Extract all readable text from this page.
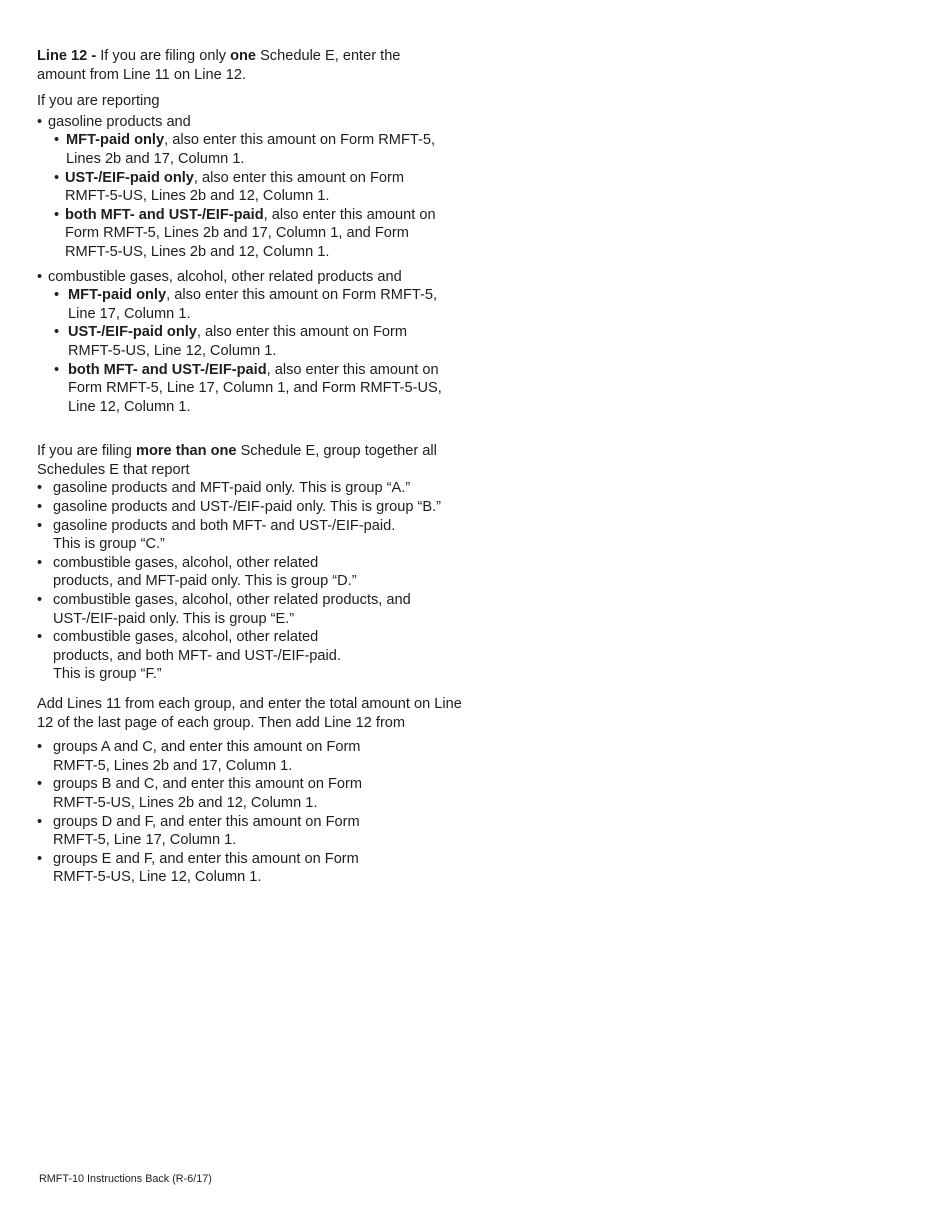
Line 12 - If you are filing only one Schedule E, enter the amount from Line 11 on Line 12.

If you are reporting

• gasoline products and
• MFT-paid only, also enter this amount on Form RMFT-5, Lines 2b and 17, Column 1.
• UST-/EIF-paid only, also enter this amount on Form RMFT-5-US, Lines 2b and 12, Column 1.
• both MFT- and UST-/EIF-paid, also enter this amount on Form RMFT-5, Lines 2b and 17, Column 1, and Form RMFT-5-US, Lines 2b and 12, Column 1.
• combustible gases, alcohol, other related products and
• MFT-paid only, also enter this amount on Form RMFT-5, Line 17, Column 1.
• UST-/EIF-paid only, also enter this amount on Form RMFT-5-US, Line 12, Column 1.
• both MFT- and UST-/EIF-paid, also enter this amount on Form RMFT-5, Line 17, Column 1, and Form RMFT-5-US, Line 12, Column 1.

If you are filing more than one Schedule E, group together all Schedules E that report

• gasoline products and MFT-paid only. This is group “A.”
• gasoline products and UST-/EIF-paid only. This is group “B.”
• gasoline products and both MFT- and UST-/EIF-paid. This is group “C.”
• combustible gases, alcohol, other related products, and MFT-paid only. This is group “D.”
• combustible gases, alcohol, other related products, and UST-/EIF-paid only. This is group “E.”
• combustible gases, alcohol, other related products, and both MFT- and UST-/EIF-paid. This is group “F.”

Add Lines 11 from each group, and enter the total amount on Line 12 of the last page of each group. Then add Line 12 from

• groups A and C, and enter this amount on Form RMFT-5, Lines 2b and 17, Column 1.
• groups B and C, and enter this amount on Form RMFT-5-US, Lines 2b and 12, Column 1.
• groups D and F, and enter this amount on Form RMFT-5, Line 17, Column 1.
• groups E and F, and enter this amount on Form RMFT-5-US, Line 12, Column 1.
RMFT-10 Instructions Back (R-6/17)
